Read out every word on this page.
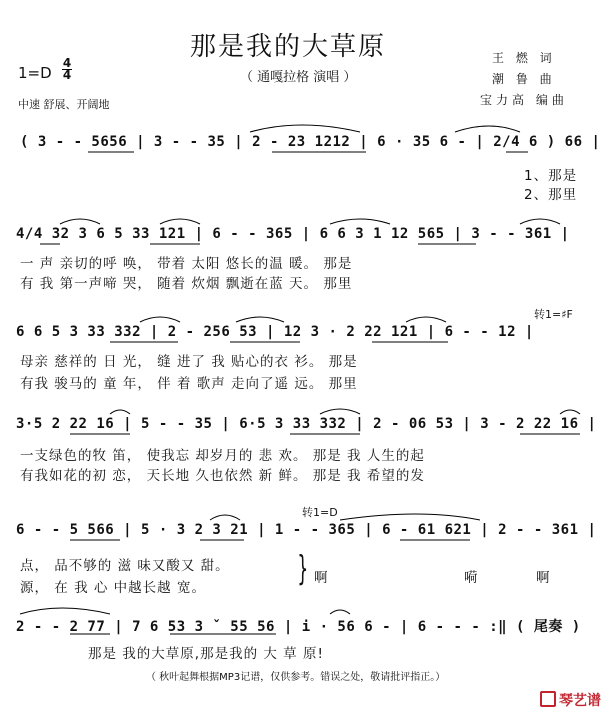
那是我的大草原
（ 通嘎拉格 演唱 ）
1=D
4
4
中速 舒展、开阔地
王 燃 词
潮 鲁 曲
宝力高 编曲
( 3 - - 5656 | 3 - - 35 | 2 - 23 1212 | 6 · 35 6 - | 2/4 6 ) 66 |
1、那是
2、那里
4/4 32 3 6 5 33 121 | 6 - - 365 | 6 6 3 1 12 565 | 3 - - 361 |
一 声 亲切的呼 唤， 带着 太阳 悠长的温 暖。 那是
有 我 第一声啼 哭， 随着 炊烟 飘逝在蓝 天。 那里
转1=♯F
6 6 5 3 33 332 | 2 - 256 53 | 12 3 · 2 22 121 | 6 - - 12 |
母亲 慈祥的 日 光， 缝 进了 我 贴心的衣 衫。 那是
有我 骏马的 童 年， 伴 着 歌声 走向了遥 远。 那里
3·5 2 22 16 | 5 - - 35 | 6·5 3 33 332 | 2 - 06 53 | 3 - 2 22 16 |
一支绿色的牧 笛， 使我忘 却岁月的 悲 欢。 那是 我 人生的起
有我如花的初 恋， 天长地 久也依然 新 鲜。 那是 我 希望的发
转1=D
6 - - 5 566 | 5 · 3 2 3 21 | 1 - - 365 | 6 - 61 621 | 2 - - 361 |
点， 品不够的 滋 味又酸又 甜。
源， 在 我 心 中越长越 宽。	} 啊	啊
嗬
2 - - 2 77 | 7 6 53 3 ˇ 55 56 | i · 56 6 - | 6 - - - :‖ ( 尾奏 )
那是 我的大草原,那是我的 大 草 原!
（ 秋叶起舞根据MP3记谱，仅供参考。错误之处，敬请批评指正。）
琴艺谱
